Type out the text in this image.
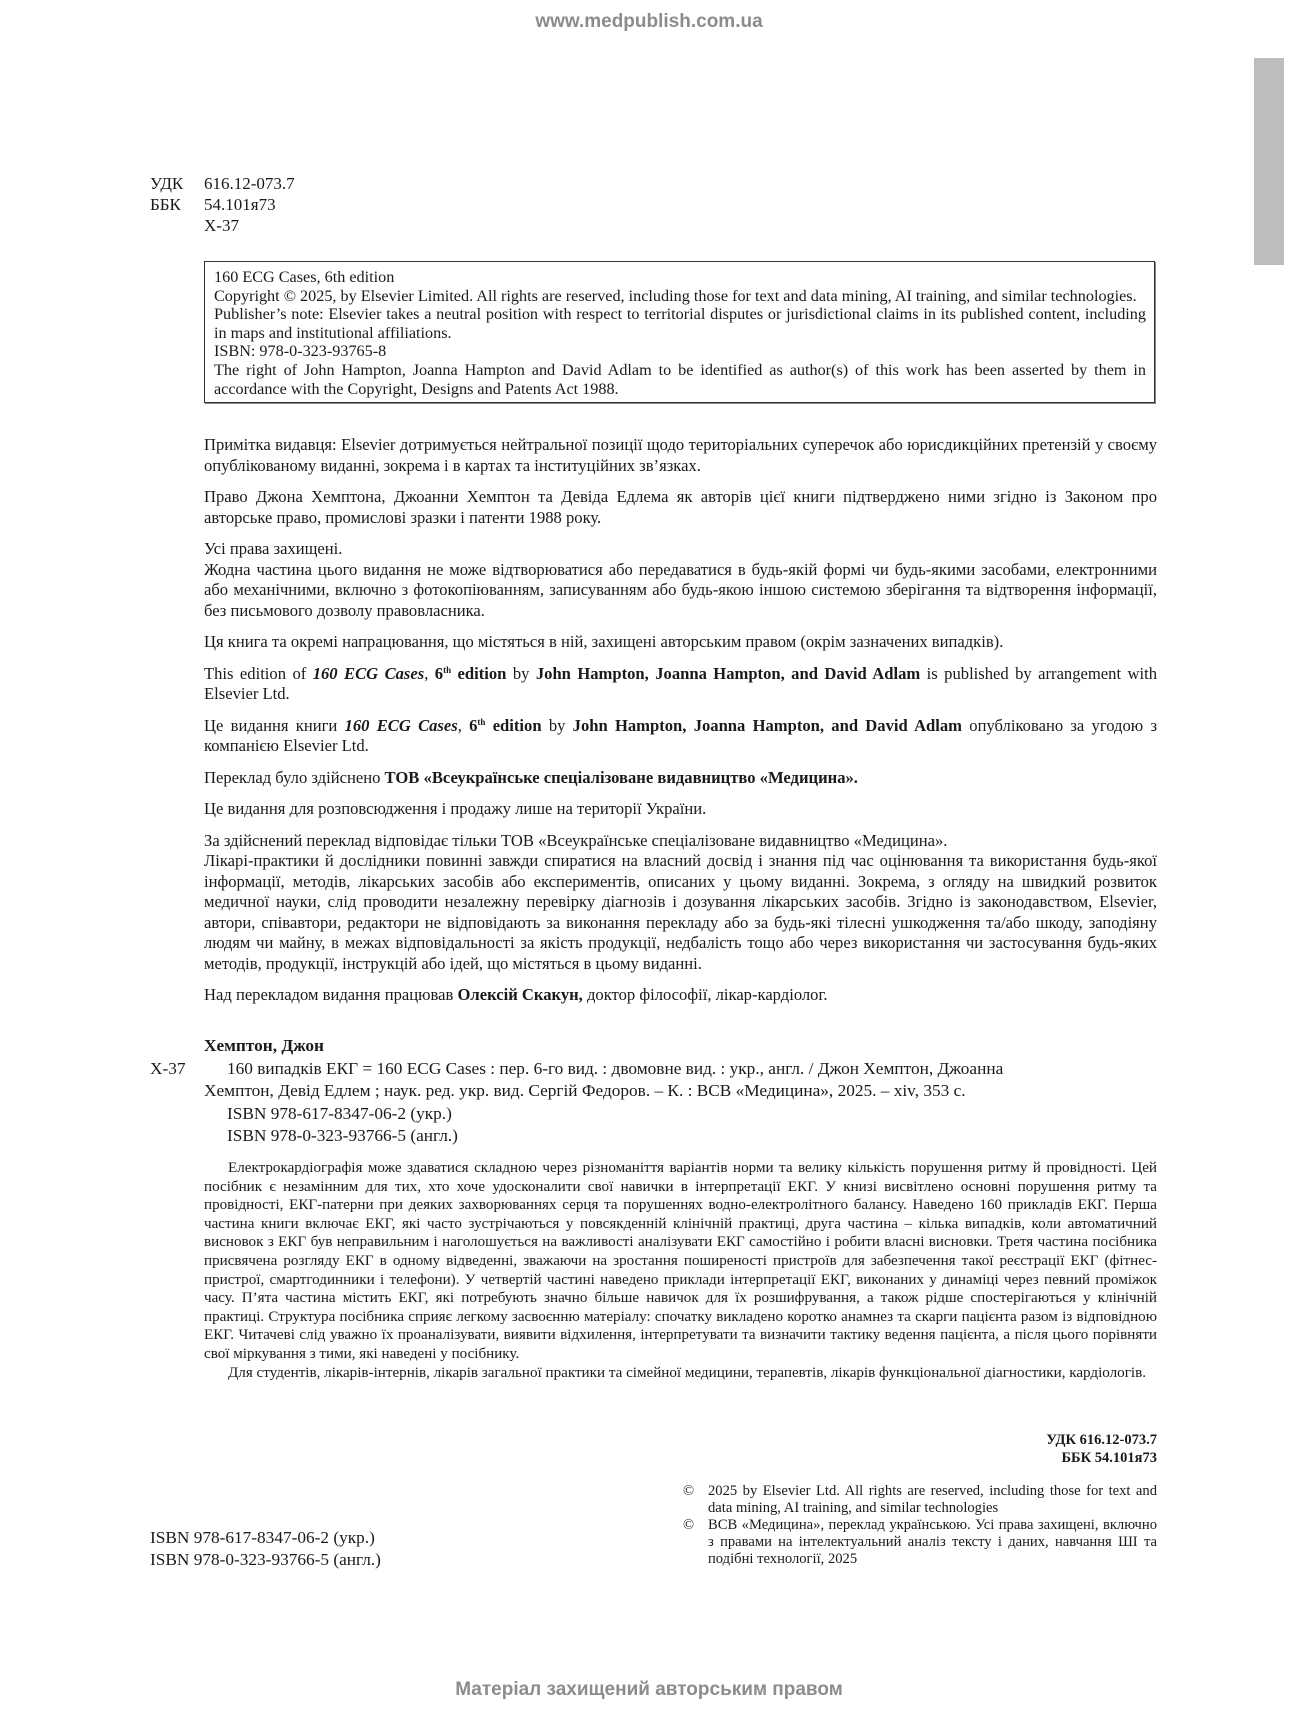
www.medpublish.com.ua
УДК	616.12-073.7
ББК	54.101я73
Х-37
160 ECG Cases, 6th edition
Copyright © 2025, by Elsevier Limited. All rights are reserved, including those for text and data mining, AI training, and similar technologies.
Publisher’s note: Elsevier takes a neutral position with respect to territorial disputes or jurisdictional claims in its published content, including in maps and institutional affiliations.
ISBN: 978-0-323-93765-8
The right of John Hampton, Joanna Hampton and David Adlam to be identified as author(s) of this work has been asserted by them in accordance with the Copyright, Designs and Patents Act 1988.

Примітка видавця: Elsevier дотримується нейтральної позиції щодо територіальних суперечок або юрисдикційних претензій у своєму опублікованому виданні, зокрема і в картах та інституційних зв’язках.

Право Джона Хемптона, Джоанни Хемптон та Девіда Едлема як авторів цієї книги підтверджено ними згідно із Законом про авторське право, промислові зразки і патенти 1988 року.

Усі права захищені.

Жодна частина цього видання не може відтворюватися або передаватися в будь-якій формі чи будь-якими засобами, електронними або механічними, включно з фотокопіюванням, записуванням або будь-якою іншою системою зберігання та відтворення інформації, без письмового дозволу правовласника.

Ця книга та окремі напрацювання, що містяться в ній, захищені авторським правом (окрім зазначених випадків).

This edition of 160 ECG Cases, 6th edition by John Hampton, Joanna Hampton, and David Adlam is published by arrangement with Elsevier Ltd.

Це видання книги 160 ECG Cases, 6th edition by John Hampton, Joanna Hampton, and David Adlam опубліковано за угодою з компанією Elsevier Ltd.

Переклад було здійснено ТОВ «Всеукраїнське спеціалізоване видавництво «Медицина».

Це видання для розповсюдження і продажу лише на території України.

За здійснений переклад відповідає тільки ТОВ «Всеукраїнське спеціалізоване видавництво «Медицина».

Лікарі-практики й дослідники повинні завжди спиратися на власний досвід і знання під час оцінювання та використання будь-якої інформації, методів, лікарських засобів або експериментів, описаних у цьому виданні. Зокрема, з огляду на швидкий розвиток медичної науки, слід проводити незалежну перевірку діагнозів і дозування лікарських засобів. Згідно із законодавством, Elsevier, автори, співавтори, редактори не відповідають за виконання перекладу або за будь-які тілесні ушкодження та/або шкоду, заподіяну людям чи майну, в межах відповідальності за якість продукції, недбалість тощо або через використання чи застосування будь-яких методів, продукції, інструкцій або ідей, що містяться в цьому виданні.

Над перекладом видання працював Олексій Скакун, доктор філософії, лікар-кардіолог.

Хемптон, Джон
Х-37	160 випадків ЕКГ = 160 ECG Cases : пер. 6-го вид. : двомовне вид. : укр., англ. / Джон Хемптон, Джоанна
Хемптон, Девід Едлем ; наук. ред. укр. вид. Сергій Федоров. – К. : ВСВ «Медицина», 2025. – xiv, 353 с.
ISBN 978-617-8347-06-2 (укр.)
ISBN 978-0-323-93766-5 (англ.)

Електрокардіографія може здаватися складною через різноманіття варіантів норми та велику кількість порушення ритму й провідності. Цей посібник є незамінним для тих, хто хоче удосконалити свої навички в інтерпретації ЕКГ. У книзі висвітлено основні порушення ритму та провідності, ЕКГ-патерни при деяких захворюваннях серця та порушеннях водно-електролітного балансу. Наведено 160 прикладів ЕКГ. Перша частина книги включає ЕКГ, які часто зустрічаються у повсякденній клінічній практиці, друга частина – кілька випадків, коли автоматичний висновок з ЕКГ був неправильним і наголошується на важливості аналізувати ЕКГ самостійно і робити власні висновки. Третя частина посібника присвячена розгляду ЕКГ в одному відведенні, зважаючи на зростання поширеності пристроїв для забезпечення такої реєстрації ЕКГ (фітнес-пристрої, смартгодинники і телефони). У четвертій частині наведено приклади інтерпретації ЕКГ, виконаних у динаміці через певний проміжок часу. П’ята частина містить ЕКГ, які потребують значно більше навичок для їх розшифрування, а також рідше спостерігаються у клінічній практиці. Структура посібника сприяє легкому засвоєнню матеріалу: спочатку викладено коротко анамнез та скарги пацієнта разом із відповідною ЕКГ. Читачеві слід уважно їх проаналізувати, виявити відхилення, інтерпретувати та визначити тактику ведення пацієнта, а після цього порівняти свої міркування з тими, які наведені у посібнику.

Для студентів, лікарів-інтернів, лікарів загальної практики та сімейної медицини, терапевтів, лікарів функціональної діагностики, кардіологів.

УДК 616.12-073.7
ББК 54.101я73
ISBN 978-617-8347-06-2 (укр.)
ISBN 978-0-323-93766-5 (англ.)
© 2025 by Elsevier Ltd. All rights are reserved, including those for text and data mining, AI training, and similar technologies
© ВСВ «Медицина», переклад українською. Усі права захищені, включно з правами на інтелектуальний аналіз тексту і даних, навчання ШІ та подібні технології, 2025
Матеріал захищений авторським правом
